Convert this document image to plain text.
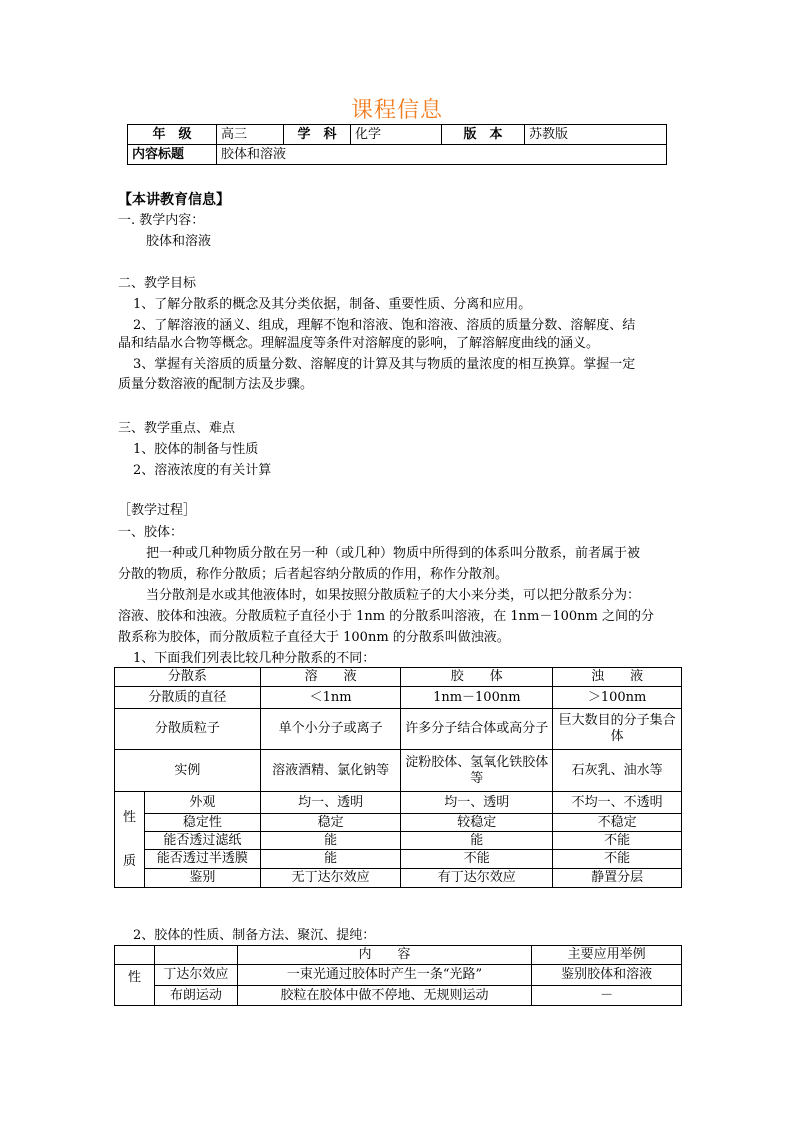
课程信息
年　级	高三	学　科	化学	版　本	苏教版
内容标题	胶体和溶液				
【本讲教育信息】
一. 教学内容：
胶体和溶液
二、教学目标
1、了解分散系的概念及其分类依据，制备、重要性质、分离和应用。
2、了解溶液的涵义、组成，理解不饱和溶液、饱和溶液、溶质的质量分数、溶解度、结
晶和结晶水合物等概念。理解温度等条件对溶解度的影响，了解溶解度曲线的涵义。
3、掌握有关溶质的质量分数、溶解度的计算及其与物质的量浓度的相互换算。掌握一定
质量分数溶液的配制方法及步骤。
三、教学重点、难点
1、胶体的制备与性质
2、溶液浓度的有关计算
［教学过程］
一、胶体：
把一种或几种物质分散在另一种（或几种）物质中所得到的体系叫分散系，前者属于被
分散的物质，称作分散质；后者起容纳分散质的作用，称作分散剂。
当分散剂是水或其他液体时，如果按照分散质粒子的大小来分类，可以把分散系分为：
溶液、胶体和浊液。分散质粒子直径小于 1nm 的分散系叫溶液，在 1nm－100nm 之间的分
散系称为胶体，而分散质粒子直径大于 100nm 的分散系叫做浊液。
1、下面我们列表比较几种分散系的不同：
分散系		溶　　液	胶　　体	浊　　液
分散质的直径		＜1nm	1nm－100nm	＞100nm
分散质粒子		单个小分子或离子	许多分子结合体或高分子	巨大数目的分子集合体
实例		溶液酒精、氯化钠等	淀粉胶体、氢氧化铁胶体等	石灰乳、油水等

性
质	外观	均一、透明	均一、透明	不均一、不透明
	稳定性	稳定	较稳定	不稳定
	能否透过滤纸	能	能	不能
	能否透过半透膜	能	不能	不能
	鉴别	无丁达尔效应	有丁达尔效应	静置分层
2、胶体的性质、制备方法、聚沉、提纯：
		内　　容	主要应用举例

性	丁达尔效应	一束光通过胶体时产生一条“光路”	鉴别胶体和溶液
	布朗运动	胶粒在胶体中做不停地、无规则运动	－
